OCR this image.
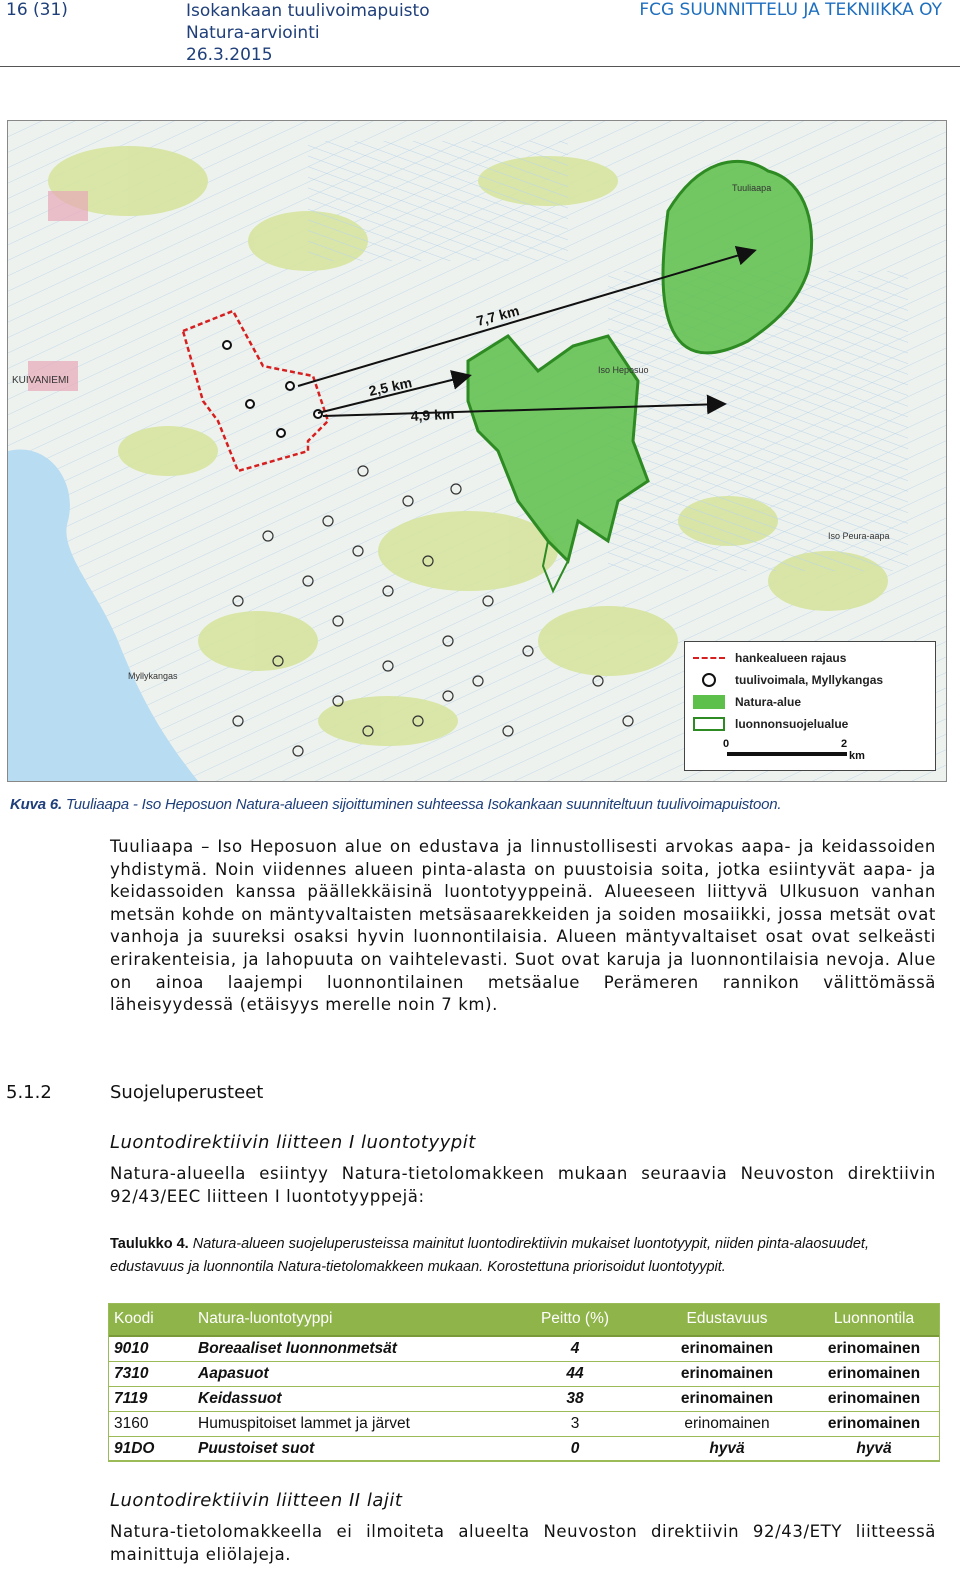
16 (31)	Isokankaan tuulivoimapuisto
Natura-arviointi
26.3.2015
FCG SUUNNITTELU JA TEKNIIKKA OY
7,7 km
2,5 km
4,9 km
KUIVANIEMI
Tuuliaapa
Iso Heposuo
Iso Peura-aapa
Myllykangas
hankealueen rajaus
tuulivoimala, Myllykangas
Natura-alue
luonnonsuojelualue
0	2
km
Kuva 6. Tuuliaapa - Iso Heposuon Natura-alueen sijoittuminen suhteessa Isokankaan suunniteltuun tuulivoimapuistoon.
Tuuliaapa – Iso Heposuon alue on edustava ja linnustollisesti arvokas aapa- ja keidassoiden yhdistymä. Noin viidennes alueen pinta-alasta on puustoisia soita, jotka esiintyvät aapa- ja keidassoiden kanssa päällekkäisinä luontotyyppeinä. Alueeseen liittyvä Ulkusuon vanhan metsän kohde on mäntyvaltaisten metsäsaarekkeiden ja soiden mosaiikki, jossa metsät ovat vanhoja ja suureksi osaksi hyvin luonnontilaisia. Alueen mäntyvaltaiset osat ovat selkeästi erirakenteisia, ja lahopuuta on vaihtelevasti. Suot ovat karuja ja luonnontilaisia nevoja. Alue on ainoa laajempi luonnontilainen metsäalue Perämeren rannikon välittömässä läheisyydessä (etäisyys merelle noin 7 km).
5.1.2	Suojeluperusteet
Luontodirektiivin liitteen I luontotyypit
Natura-alueella esiintyy Natura-tietolomakkeen mukaan seuraavia Neuvoston direktiivin 92/43/EEC liitteen I luontotyyppejä:
Taulukko 4. Natura-alueen suojeluperusteissa mainitut luontodirektiivin mukaiset luontotyypit, niiden pinta-alaosuudet, edustavuus ja luonnontila Natura-tietolomakkeen mukaan. Korostettuna priorisoidut luontotyypit.
Koodi	Natura-luontotyyppi	Peitto (%)	Edustavuus	Luonnontila
9010	Boreaaliset luonnonmetsät	4	erinomainen	erinomainen
7310	Aapasuot	44	erinomainen	erinomainen
7119	Keidassuot	38	erinomainen	erinomainen
3160	Humuspitoiset lammet ja järvet	3	erinomainen	erinomainen
91DO	Puustoiset suot	0	hyvä	hyvä
Luontodirektiivin liitteen II lajit
Natura-tietolomakkeella ei ilmoiteta alueelta Neuvoston direktiivin 92/43/ETY liitteessä mainittuja eliölajeja.
